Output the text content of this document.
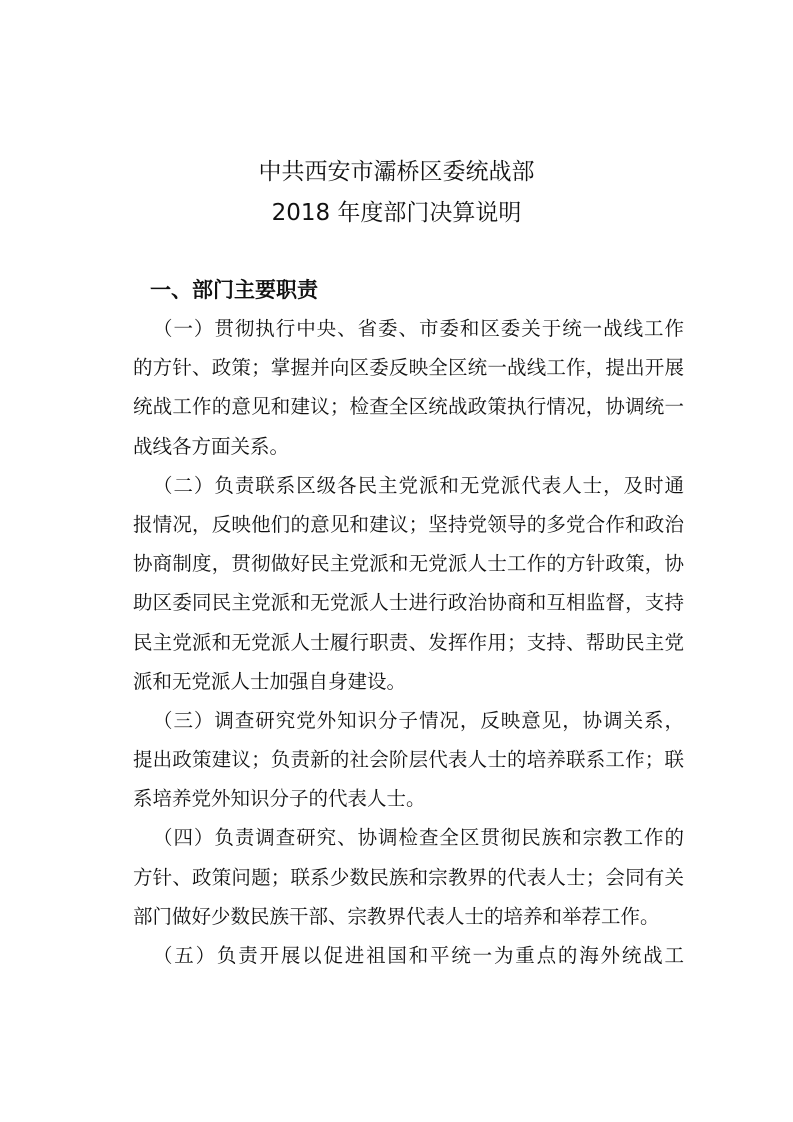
中共西安市灞桥区委统战部
2018 年度部门决算说明
一、部门主要职责
（一）贯彻执行中央、省委、市委和区委关于统一战线工作
的方针、政策；掌握并向区委反映全区统一战线工作，提出开展
统战工作的意见和建议；检查全区统战政策执行情况，协调统一
战线各方面关系。
（二）负责联系区级各民主党派和无党派代表人士，及时通
报情况，反映他们的意见和建议；坚持党领导的多党合作和政治
协商制度，贯彻做好民主党派和无党派人士工作的方针政策，协
助区委同民主党派和无党派人士进行政治协商和互相监督，支持
民主党派和无党派人士履行职责、发挥作用；支持、帮助民主党
派和无党派人士加强自身建设。
（三）调查研究党外知识分子情况，反映意见，协调关系，
提出政策建议；负责新的社会阶层代表人士的培养联系工作；联
系培养党外知识分子的代表人士。
（四）负责调查研究、协调检查全区贯彻民族和宗教工作的
方针、政策问题；联系少数民族和宗教界的代表人士；会同有关
部门做好少数民族干部、宗教界代表人士的培养和举荐工作。
（五）负责开展以促进祖国和平统一为重点的海外统战工
